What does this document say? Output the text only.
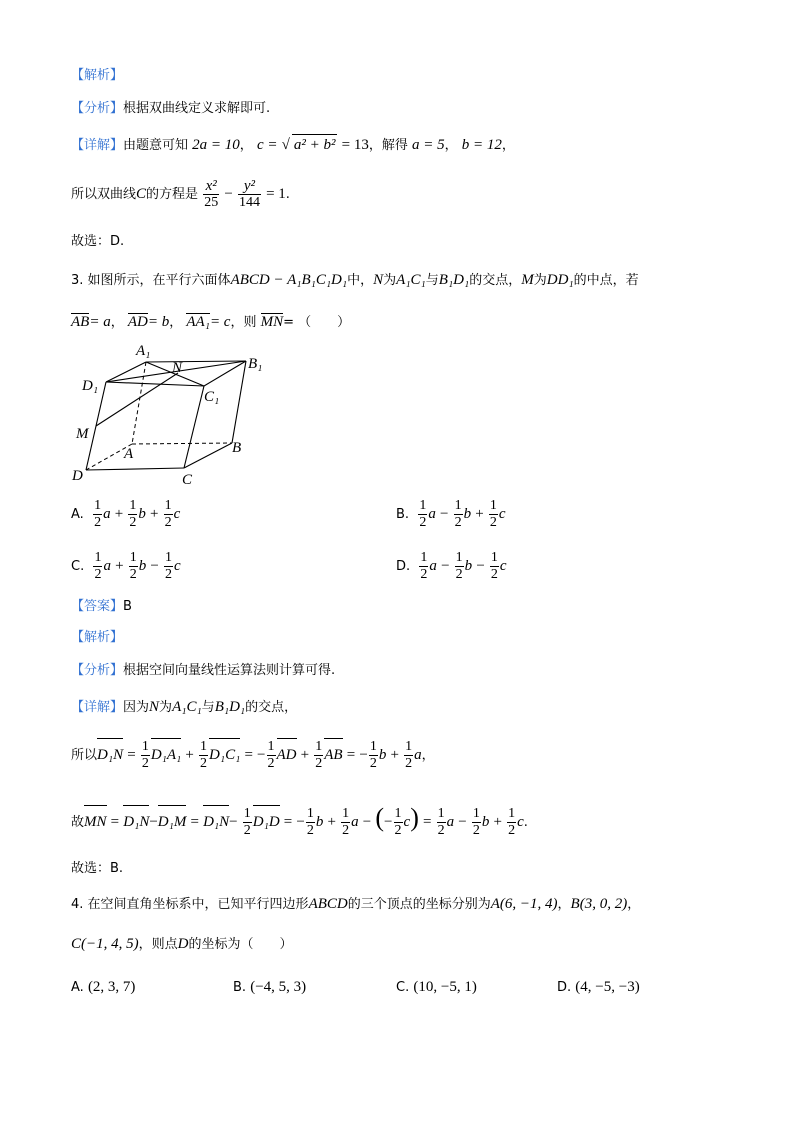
【解析】
【分析】根据双曲线定义求解即可.
【详解】由题意可知 2a = 10， c = √ a² + b² = 13，解得 a = 5， b = 12，
所以双曲线C的方程是 $\frac{\text{x²}}{25} - \frac{\text{y²}}{144} = 1$.
故选：D.
3. 如图所示，在平行六面体ABCD − A₁B₁C₁D₁中，N为A₁C₁与B₁D₁的交点，M为DD₁的中点，若
AB= a， AD= b， AA₁= c，则 MN= （　　）
A₁
B₁
C₁
D₁
N
M
A	B
C
D
A. $\frac{1}{2}$ $a + \frac{1}{2}$ $b + \frac{1}{2}$ c	B. $\frac{1}{2}$ $a - \frac{1}{2}$ $b + \frac{1}{2}$ c
C. $\frac{1}{2}$ $a + \frac{1}{2}$ $b - \frac{1}{2}$ c	D. $\frac{1}{2}$ $a - \frac{1}{2}$ $b - \frac{1}{2}$ c
【答案】B
【解析】
【分析】根据空间向量线性运算法则计算可得.
【详解】因为N为A₁C₁与B₁D₁的交点，
所以$D_1N = \frac{1}{2} D_1A_1 + \frac{1}{2} D_1C_1$ = − $\frac{1}{2}$ AD + $\frac{1}{2}$ AB = − $\frac{1}{2}$ $b + \frac{1}{2}$ a，
故MN = $D_1N-D_1M = D_1N- \frac{1}{2} D_1D$ = − $\frac{1}{2}$ $b + \frac{1}{2}$ a − (− $\frac{1}{2} c) = \frac{1}{2}$ $a - \frac{1}{2}$ $b + \frac{1}{2} c$.
故选：B.
4. 在空间直角坐标系中，已知平行四边形ABCD的三个顶点的坐标分别为A(6, −1, 4)，B(3, 0, 2)，
C(−1, 4, 5)，则点D的坐标为（　　）
A. (2, 3, 7)	B. (−4, 5, 3)	C. (10, −5, 1)	D. (4, −5, −3)
